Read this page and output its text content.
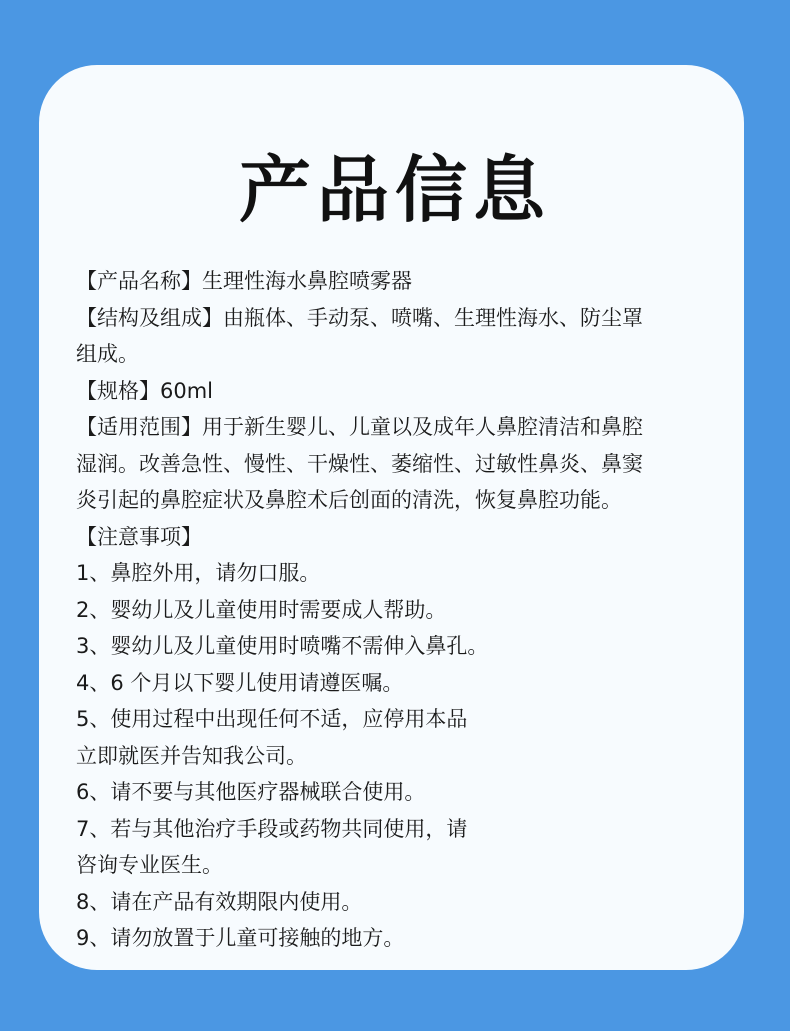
产品信息

【产品名称】生理性海水鼻腔喷雾器

【结构及组成】由瓶体、手动泵、喷嘴、生理性海水、防尘罩

组成。

【规格】60ml

【适用范围】用于新生婴儿、儿童以及成年人鼻腔清洁和鼻腔

湿润。改善急性、慢性、干燥性、萎缩性、过敏性鼻炎、鼻窦

炎引起的鼻腔症状及鼻腔术后创面的清洗，恢复鼻腔功能。

【注意事项】

1、鼻腔外用，请勿口服。

2、婴幼儿及儿童使用时需要成人帮助。

3、婴幼儿及儿童使用时喷嘴不需伸入鼻孔。

4、6 个月以下婴儿使用请遵医嘱。

5、使用过程中出现任何不适，应停用本品

立即就医并告知我公司。

6、请不要与其他医疗器械联合使用。

7、若与其他治疗手段或药物共同使用，请

咨询专业医生。

8、请在产品有效期限内使用。

9、请勿放置于儿童可接触的地方。
